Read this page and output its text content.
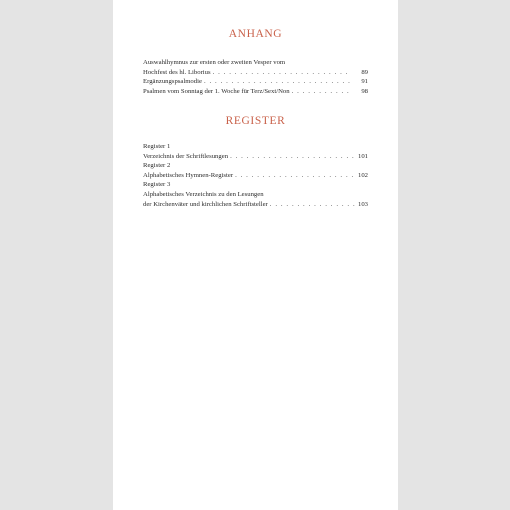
ANHANG
Auswahlhymnus zur ersten oder zweiten Vesper vom
Hochfest des hl. Liborius . . .	89
Ergänzungspsalmodie . . .	91
Psalmen vom Sonntag der 1. Woche für Terz/Sext/Non . . .	98
REGISTER
Register 1
Verzeichnis der Schriftlesungen . . .	101
Register 2
Alphabetisches Hymnen-Register . . .	102
Register 3
Alphabetisches Verzeichnis zu den Lesungen
der Kirchenväter und kirchlichen Schriftsteller . . .	103
